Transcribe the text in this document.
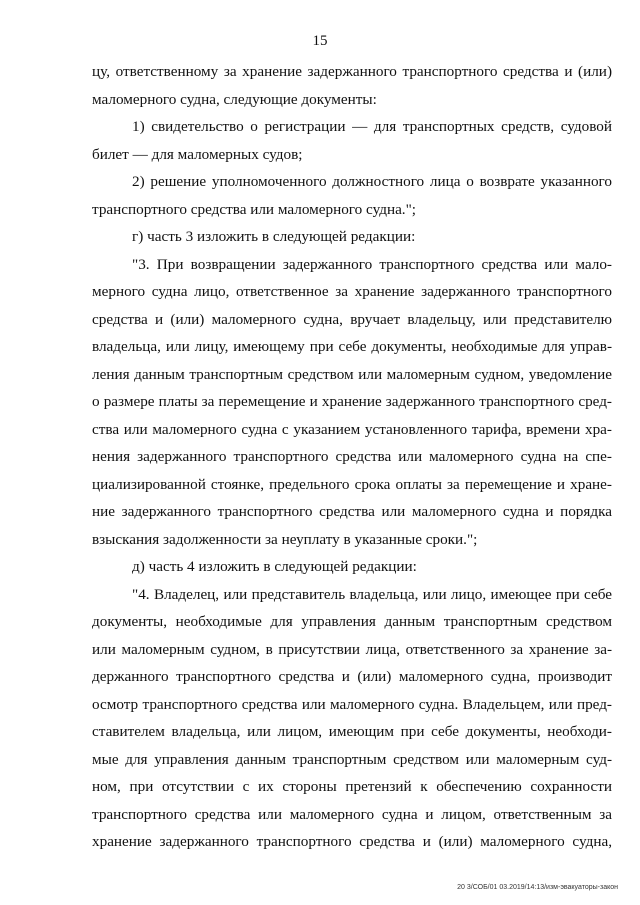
15

цу, ответственному за хранение задержанного транспортного средства и (или)
маломерного судна, следующие документы:

1) свидетельство о регистрации — для транспортных средств, судовой
билет — для маломерных судов;

2) решение уполномоченного должностного лица о возврате указанного
транспортного средства или маломерного судна.";

г) часть 3 изложить в следующей редакции:

"3. При возвращении задержанного транспортного средства или мало-
мерного судна лицо, ответственное за хранение задержанного транспортного
средства и (или) маломерного судна, вручает владельцу, или представителю
владельца, или лицу, имеющему при себе документы, необходимые для управ-
ления данным транспортным средством или маломерным судном, уведомление
о размере платы за перемещение и хранение задержанного транспортного сред-
ства или маломерного судна с указанием установленного тарифа, времени хра-
нения задержанного транспортного средства или маломерного судна на спе-
циализированной стоянке, предельного срока оплаты за перемещение и хране-
ние задержанного транспортного средства или маломерного судна и порядка
взыскания задолженности за неуплату в указанные сроки.";

д) часть 4 изложить в следующей редакции:

"4. Владелец, или представитель владельца, или лицо, имеющее при себе
документы, необходимые для управления данным транспортным средством
или маломерным судном, в присутствии лица, ответственного за хранение за-
держанного транспортного средства и (или) маломерного судна, производит
осмотр транспортного средства или маломерного судна. Владельцем, или пред-
ставителем владельца, или лицом, имеющим при себе документы, необходи-
мые для управления данным транспортным средством или маломерным суд-
ном, при отсутствии с их стороны претензий к обеспечению сохранности
транспортного средства или маломерного судна и лицом, ответственным за
хранение задержанного транспортного средства и (или) маломерного судна,

20 3/СОБ/01 03.2019/14:13/изм-эвакуаторы-закон
